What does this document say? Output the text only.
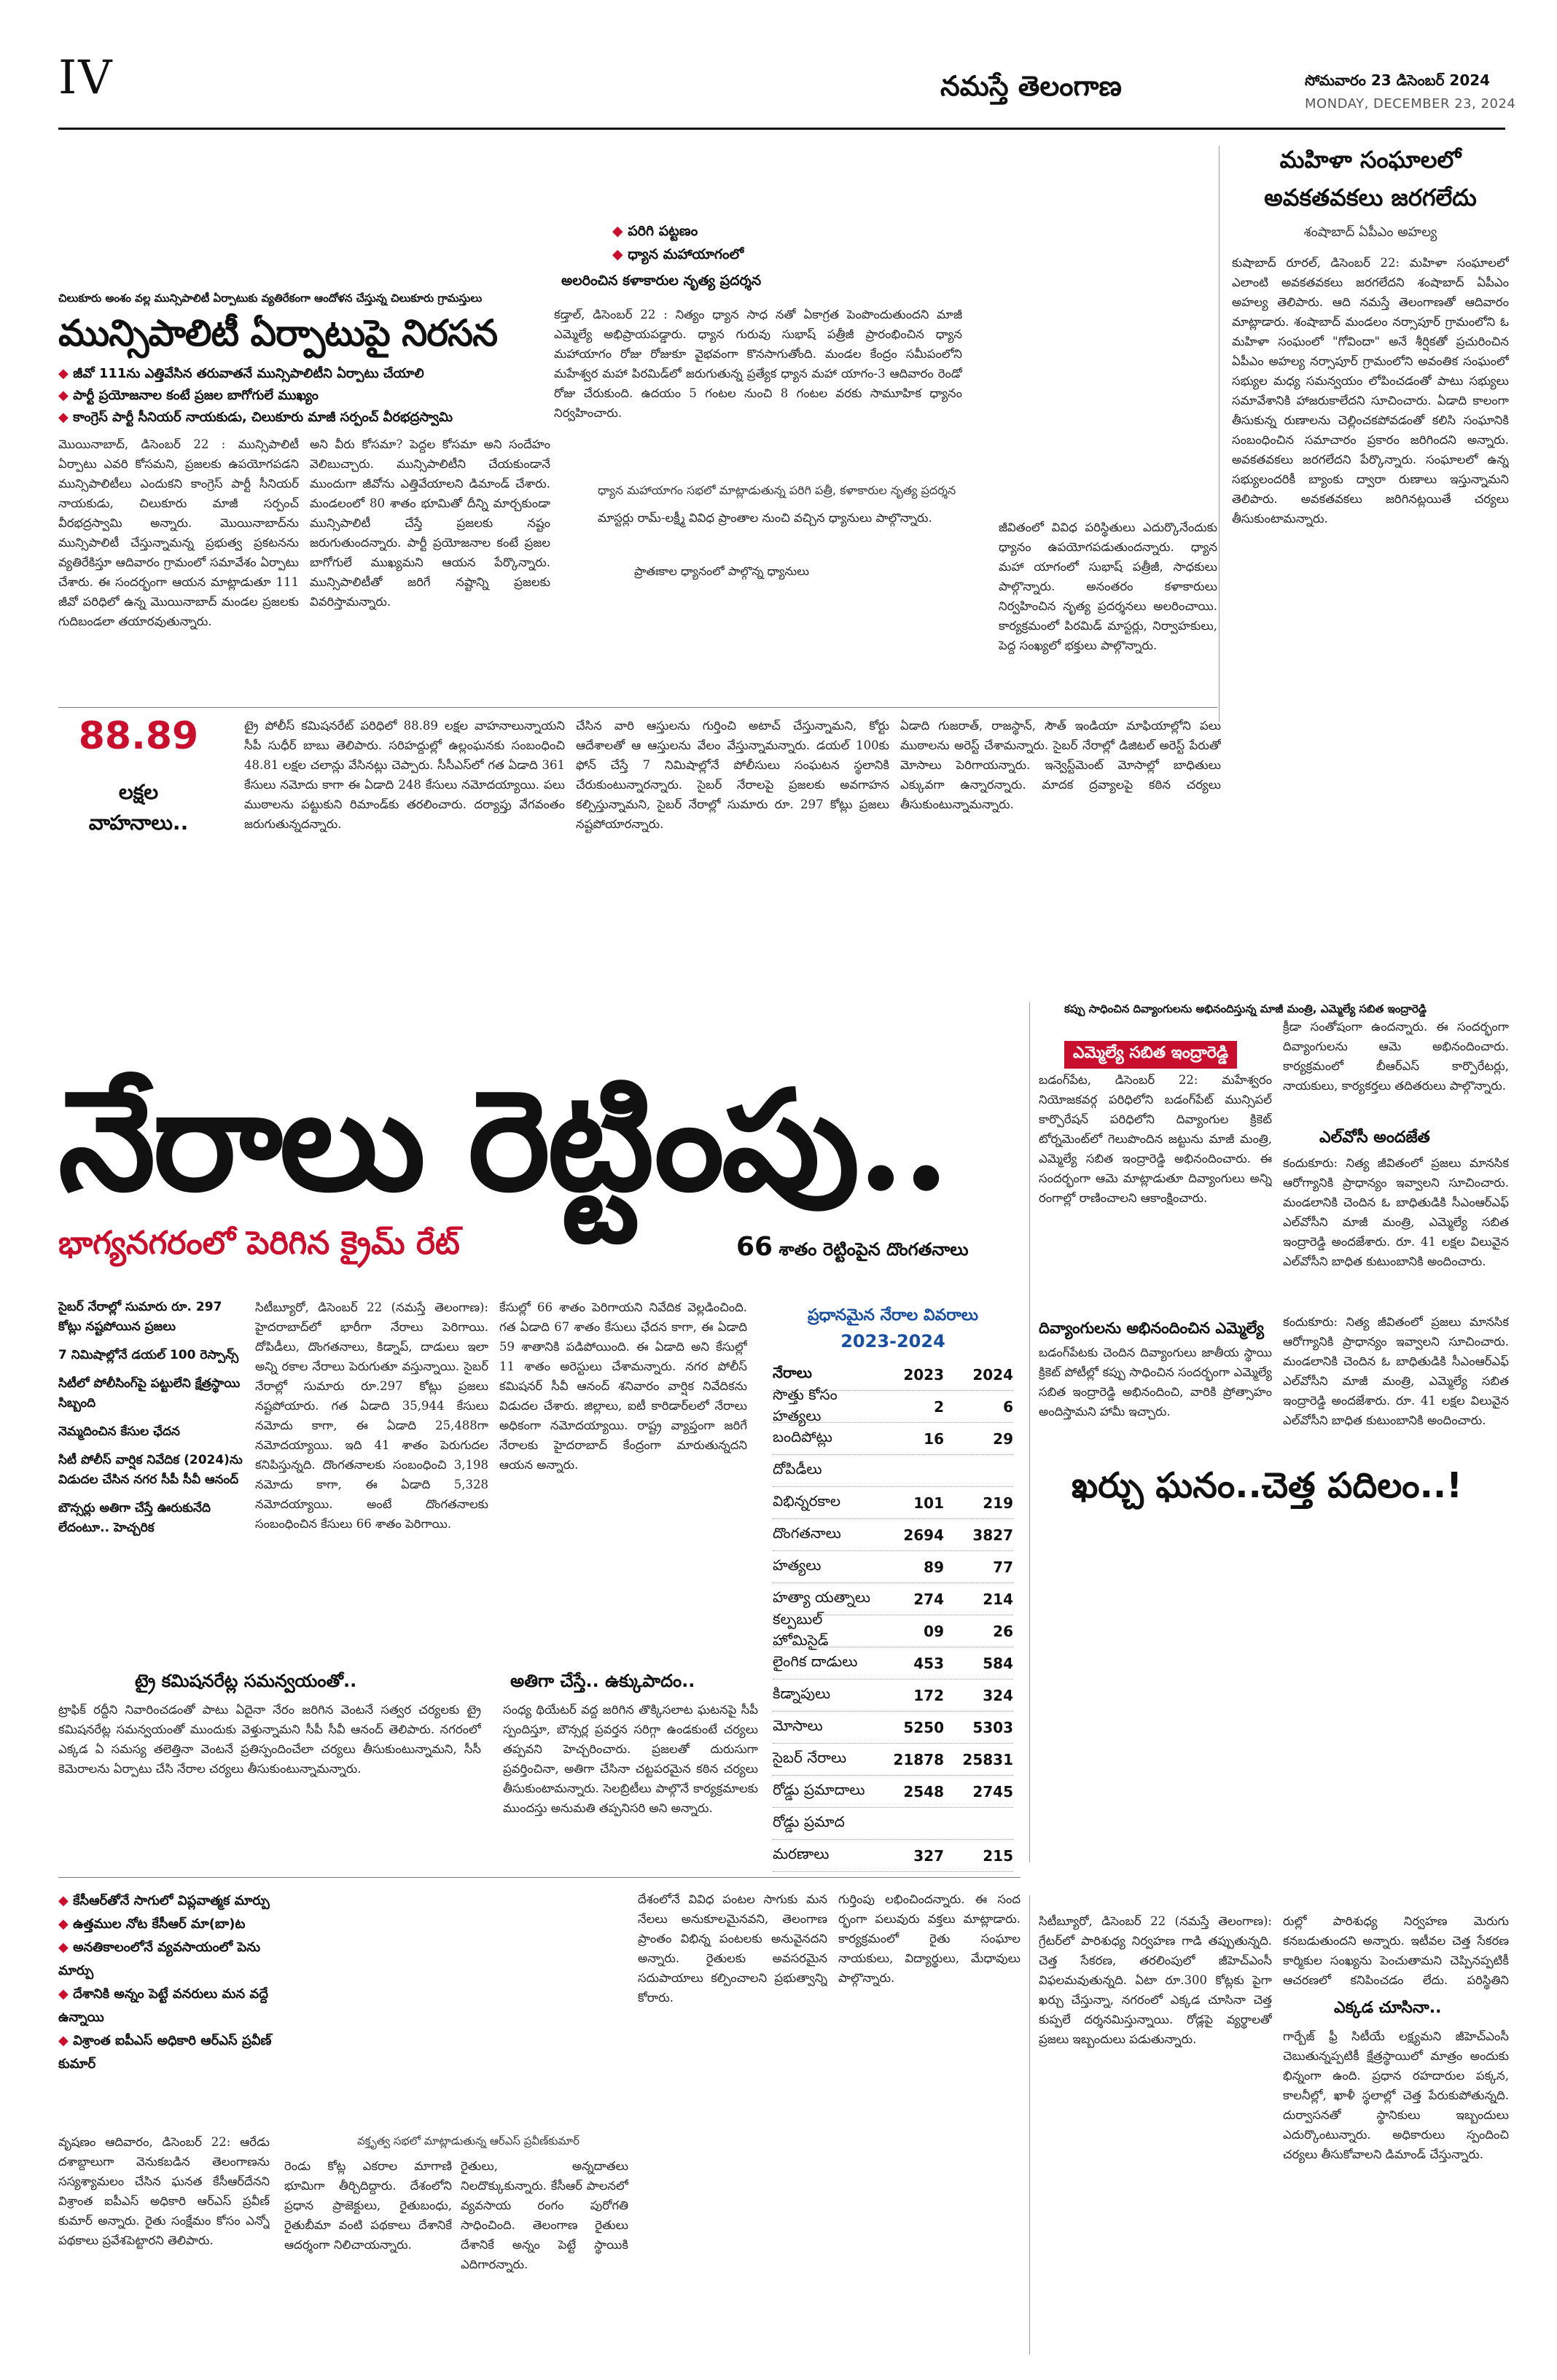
IV	నమస్తే తెలంగాణ	సోమవారం 23 డిసెంబర్ 2024
MONDAY, DECEMBER 23, 2024
మహిళా సంఘాలలో
అవకతవకలు జరగలేదు
శంషాబాద్ ఏపీఎం అహల్య
కుషాబాద్ రూరల్, డిసెంబర్ 22: మహిళా సంఘాలలో ఎలాంటి అవకతవకలు జరగలేదని శంషాబాద్ ఏపీఎం అహల్య తెలిపారు. ఆది నమస్తే తెలంగాణతో ఆదివారం మాట్లాడారు. శంషాబాద్ మండలం నర్సాపూర్ గ్రామంలోని ఓ మహిళా సంఘంలో "గోవిందా" అనే శీర్షికతో ప్రచురించిన ఏపీఎం అహల్య నర్సాపూర్ గ్రామంలోని అవంతిక సంఘంలో సభ్యుల మధ్య సమన్వయం లోపించడంతో పాటు సభ్యులు సమావేశానికి హాజరుకాలేదని సూచించారు. ఏడాది కాలంగా తీసుకున్న రుణాలను చెల్లించకపోవడంతో కలిసి సంఘానికి సంబంధించిన సమాచారం ప్రకారం జరిగిందని అన్నారు. అవకతవకలు జరగలేదని పేర్కొన్నారు. సంఘాలలో ఉన్న సభ్యులందరికీ బ్యాంకు ద్వారా రుణాలు ఇస్తున్నామని తెలిపారు. అవకతవకలు జరిగినట్లయితే చర్యలు తీసుకుంటామన్నారు.
◆ పరిగి పట్టణం
◆ ధ్యాన మహాయాగంలో
అలరించిన కళాకారుల నృత్య ప్రదర్శన
కడ్తాల్, డిసెంబర్ 22 : నిత్యం ధ్యాన సాధ నతో ఏకాగ్రత పెంపొందుతుందని మాజీ ఎమ్మెల్యే అభిప్రాయపడ్డారు. ధ్యాన గురువు సుభాష్ పత్రీజీ ప్రారంభించిన ధ్యాన మహాయాగం రోజు రోజుకూ వైభవంగా కొనసాగుతోంది. మండల కేంద్రం సమీపంలోని మహేశ్వర మహా పిరమిడ్‌లో జరుగుతున్న ప్రత్యేక ధ్యాన మహా యాగం-3 ఆదివారం రెండో రోజు చేరుకుంది. ఉదయం 5 గంటల నుంచి 8 గంటల వరకు సామూహిక ధ్యానం నిర్వహించారు.
ధ్యాన మహాయాగం సభలో మాట్లాడుతున్న పరిగి పత్రీ, కళాకారుల నృత్య ప్రదర్శన
మాస్టర్లు రామ్-లక్ష్మీ వివిధ ప్రాంతాల నుంచి వచ్చిన ధ్యానులు పాల్గొన్నారు.
ప్రాతఃకాల ధ్యానంలో పాల్గొన్న ధ్యానులు
జీవితంలో వివిధ పరిస్థితులు ఎదుర్కొనేందుకు ధ్యానం ఉపయోగపడుతుందన్నారు. ధ్యాన మహా యాగంలో సుభాష్ పత్రీజీ, సాధకులు పాల్గొన్నారు. అనంతరం కళాకారులు నిర్వహించిన నృత్య ప్రదర్శనలు అలరించాయి. కార్యక్రమంలో పిరమిడ్ మాస్టర్లు, నిర్వాహకులు, పెద్ద సంఖ్యలో భక్తులు పాల్గొన్నారు.
చిలుకూరు అంశం వల్ల మున్సిపాలిటీ ఏర్పాటుకు వ్యతిరేకంగా ఆందోళన చేస్తున్న చిలుకూరు గ్రామస్తులు
మున్సిపాలిటీ ఏర్పాటుపై నిరసన
◆ జీవో 111ను ఎత్తివేసిన తరువాతనే మున్సిపాలిటీని ఏర్పాటు చేయాలి
◆ పార్టీ ప్రయోజనాల కంటే ప్రజల బాగోగులే ముఖ్యం
◆ కాంగ్రెస్ పార్టీ సీనియర్ నాయకుడు, చిలుకూరు మాజీ సర్పంచ్ వీరభద్రస్వామి
మొయినాబాద్, డిసెంబర్ 22 : మున్సిపాలిటీ ఏర్పాటు ఎవరి కోసమని, ప్రజలకు ఉపయోగపడని మున్సిపాలిటీలు ఎందుకని కాంగ్రెస్ పార్టీ సీనియర్ నాయకుడు, చిలుకూరు మాజీ సర్పంచ్ వీరభద్రస్వామి అన్నారు. మొయినాబాద్‌ను మున్సిపాలిటీ చేస్తున్నామన్న ప్రభుత్వ ప్రకటనను వ్యతిరేకిస్తూ ఆదివారం గ్రామంలో సమావేశం ఏర్పాటు చేశారు. ఈ సందర్భంగా ఆయన మాట్లాడుతూ 111 జీవో పరిధిలో ఉన్న మొయినాబాద్ మండల ప్రజలకు గుదిబండలా తయారవుతున్నారు.
అని వీరు కోసమా? పెద్దల కోసమా అని సందేహం వెలిబుచ్చారు. మున్సిపాలిటీని చేయకుండానే ముందుగా జీవోను ఎత్తివేయాలని డిమాండ్ చేశారు. మండలంలో 80 శాతం భూమితో దీన్ని మార్చకుండా మున్సిపాలిటీ చేస్తే ప్రజలకు నష్టం జరుగుతుందన్నారు. పార్టీ ప్రయోజనాల కంటే ప్రజల బాగోగులే ముఖ్యమని ఆయన పేర్కొన్నారు. మున్సిపాలిటీతో జరిగే నష్టాన్ని ప్రజలకు వివరిస్తామన్నారు.
88.89
లక్షల
వాహనాలు..
ట్రై పోలీస్ కమిషనరేట్ పరిధిలో 88.89 లక్షల వాహనాలున్నాయని సీపీ సుధీర్ బాబు తెలిపారు. సరిహద్దుల్లో ఉల్లంఘనకు సంబంధించి 48.81 లక్షల చలాన్లు వేసినట్లు చెప్పారు. సీసీఎస్‌లో గత ఏడాది 361 కేసులు నమోదు కాగా ఈ ఏడాది 248 కేసులు నమోదయ్యాయి. పలు ముఠాలను పట్టుకుని రిమాండ్‌కు తరలించారు. దర్యాప్తు వేగవంతం జరుగుతున్నదన్నారు.
చేసిన వారి ఆస్తులను గుర్తించి అటాచ్ చేస్తున్నామని, కోర్టు ఆదేశాలతో ఆ ఆస్తులను వేలం వేస్తున్నామన్నారు. డయల్ 100కు ఫోన్ చేస్తే 7 నిమిషాల్లోనే పోలీసులు సంఘటన స్థలానికి చేరుకుంటున్నారన్నారు. సైబర్ నేరాలపై ప్రజలకు అవగాహన కల్పిస్తున్నామని, సైబర్ నేరాల్లో సుమారు రూ. 297 కోట్లు ప్రజలు నష్టపోయారన్నారు.
ఏడాది గుజరాత్, రాజస్థాన్, సౌత్ ఇండియా మాఫియాల్లోని పలు ముఠాలను అరెస్ట్ చేశామన్నారు. సైబర్ నేరాల్లో డిజిటల్ అరెస్ట్ పేరుతో మోసాలు పెరిగాయన్నారు. ఇన్వెస్ట్‌మెంట్ మోసాల్లో బాధితులు ఎక్కువగా ఉన్నారన్నారు. మాదక ద్రవ్యాలపై కఠిన చర్యలు తీసుకుంటున్నామన్నారు.
నేరాలు రెట్టింపు..
భాగ్యనగరంలో పెరిగిన క్రైమ్ రేట్	66 శాతం రెట్టింపైన దొంగతనాలు
సైబర్ నేరాల్లో సుమారు రూ. 297 కోట్లు నష్టపోయిన ప్రజలు
7 నిమిషాల్లోనే డయల్ 100 రెస్పాన్స్
సిటీలో పోలీసింగ్‌పై పట్టులేని క్షేత్రస్థాయి సిబ్బంది
నెమ్మదించిన కేసుల ఛేదన
సిటీ పోలీస్ వార్షిక నివేదిక (2024)ను విడుదల చేసిన నగర సీపీ సీవీ ఆనంద్
బౌన్సర్లు అతిగా చేస్తే ఊరుకునేది లేదంటూ.. హెచ్చరిక
సిటీబ్యూరో, డిసెంబర్ 22 (నమస్తే తెలంగాణ): హైదరాబాద్‌లో భారీగా నేరాలు పెరిగాయి. దోపిడీలు, దొంగతనాలు, కిడ్నాప్, దాడులు ఇలా అన్ని రకాల నేరాలు పెరుగుతూ వస్తున్నాయి. సైబర్ నేరాల్లో సుమారు రూ.297 కోట్లు ప్రజలు నష్టపోయారు. గత ఏడాది 35,944 కేసులు నమోదు కాగా, ఈ ఏడాది 25,488గా నమోదయ్యాయి. ఇది 41 శాతం పెరుగుదల కనిపిస్తున్నది. దొంగతనాలకు సంబంధించి 3,198 నమోదు కాగా, ఈ ఏడాది 5,328 నమోదయ్యాయి. అంటే దొంగతనాలకు సంబంధించిన కేసులు 66 శాతం పెరిగాయి.
కేసుల్లో 66 శాతం పెరిగాయని నివేదిక వెల్లడించింది. గత ఏడాది 67 శాతం కేసులు ఛేదన కాగా, ఈ ఏడాది 59 శాతానికి పడిపోయింది. ఈ ఏడాది అని కేసుల్లో 11 శాతం అరెస్టులు చేశామన్నారు. నగర పోలీస్ కమిషనర్ సీవీ ఆనంద్ శనివారం వార్షిక నివేదికను విడుదల చేశారు. జిల్లాలు, ఐటీ కారిడార్‌లలో నేరాలు అధికంగా నమోదయ్యాయి. రాష్ట్ర వ్యాప్తంగా జరిగే నేరాలకు హైదరాబాద్ కేంద్రంగా మారుతున్నదని ఆయన అన్నారు.
ప్రధానమైన నేరాల వివరాలు
2023-2024
నేరాలు	2023	2024
సొత్తు కోసం హత్యలు	2	6
బందిపోట్లు	16	29
దోపిడీలు
విభిన్నరకాల	101	219
దొంగతనాలు	2694	3827
హత్యలు	89	77
హత్యా యత్నాలు	274	214
కల్పబుల్ హోమిసైడ్	09	26
లైంగిక దాడులు	453	584
కిడ్నాపులు	172	324
మోసాలు	5250	5303
సైబర్ నేరాలు	21878	25831
రోడ్డు ప్రమాదాలు	2548	2745
రోడ్డు ప్రమాద
మరణాలు	327	215
ట్రై కమిషనరేట్ల సమన్వయంతో..
ట్రాఫిక్ రద్దీని నివారించడంతో పాటు ఏదైనా నేరం జరిగిన వెంటనే సత్వర చర్యలకు ట్రై కమిషనరేట్ల సమన్వయంతో ముందుకు వెళ్తున్నామని సీపీ సీవీ ఆనంద్ తెలిపారు. నగరంలో ఎక్కడ ఏ సమస్య తలెత్తినా వెంటనే ప్రతిస్పందించేలా చర్యలు తీసుకుంటున్నామని, సీసీ కెమెరాలను ఏర్పాటు చేసి నేరాల చర్యలు తీసుకుంటున్నామన్నారు.
అతిగా చేస్తే.. ఉక్కుపాదం..
సంధ్య థియేటర్ వద్ద జరిగిన తొక్కిసలాట ఘటనపై సీపీ స్పందిస్తూ, బౌన్సర్ల ప్రవర్తన సరిగ్గా ఉండకుంటే చర్యలు తప్పవని హెచ్చరించారు. ప్రజలతో దురుసుగా ప్రవర్తించినా, అతిగా చేసినా చట్టపరమైన కఠిన చర్యలు తీసుకుంటామన్నారు. సెలబ్రిటీలు పాల్గొనే కార్యక్రమాలకు ముందస్తు అనుమతి తప్పనిసరి అని అన్నారు.
కప్పు సాధించిన దివ్యాంగులను అభినందిస్తున్న మాజీ మంత్రి, ఎమ్మెల్యే సబిత ఇంద్రారెడ్డి
ఎమ్మెల్యే సబిత ఇంద్రారెడ్డి
బడంగ్‌పేట, డిసెంబర్ 22: మహేశ్వరం నియోజకవర్గ పరిధిలోని బడంగ్‌పేట్ మున్సిపల్ కార్పొరేషన్ పరిధిలోని దివ్యాంగుల క్రికెట్ టోర్నమెంట్‌లో గెలుపొందిన జట్టును మాజీ మంత్రి, ఎమ్మెల్యే సబిత ఇంద్రారెడ్డి అభినందించారు. ఈ సందర్భంగా ఆమె మాట్లాడుతూ దివ్యాంగులు అన్ని రంగాల్లో రాణించాలని ఆకాంక్షించారు.
క్రీడా సంతోషంగా ఉందన్నారు. ఈ సందర్భంగా దివ్యాంగులను ఆమె అభినందించారు. కార్యక్రమంలో బీఆర్ఎస్ కార్పొరేటర్లు, నాయకులు, కార్యకర్తలు తదితరులు పాల్గొన్నారు.
ఎల్‌వోసీ అందజేత
కందుకూరు: నిత్య జీవితంలో ప్రజలు మానసిక ఆరోగ్యానికి ప్రాధాన్యం ఇవ్వాలని సూచించారు. మండలానికి చెందిన ఓ బాధితుడికి సీఎంఆర్ఎఫ్ ఎల్‌వోసీని మాజీ మంత్రి, ఎమ్మెల్యే సబిత ఇంద్రారెడ్డి అందజేశారు. రూ. 41 లక్షల విలువైన ఎల్‌వోసీని బాధిత కుటుంబానికి అందించారు.
దివ్యాంగులను అభినందించిన ఎమ్మెల్యే
బడంగ్‌పేటకు చెందిన దివ్యాంగులు జాతీయ స్థాయి క్రికెట్ పోటీల్లో కప్పు సాధించిన సందర్భంగా ఎమ్మెల్యే సబిత ఇంద్రారెడ్డి అభినందించి, వారికి ప్రోత్సాహం అందిస్తామని హామీ ఇచ్చారు.
కందుకూరు: నిత్య జీవితంలో ప్రజలు మానసిక ఆరోగ్యానికి ప్రాధాన్యం ఇవ్వాలని సూచించారు. మండలానికి చెందిన ఓ బాధితుడికి సీఎంఆర్ఎఫ్ ఎల్‌వోసీని మాజీ మంత్రి, ఎమ్మెల్యే సబిత ఇంద్రారెడ్డి అందజేశారు. రూ. 41 లక్షల విలువైన ఎల్‌వోసీని బాధిత కుటుంబానికి అందించారు.
ఖర్చు ఘనం..చెత్త పదిలం..!
సిటీబ్యూరో, డిసెంబర్ 22 (నమస్తే తెలంగాణ): గ్రేటర్‌లో పారిశుధ్య నిర్వహణ గాడి తప్పుతున్నది. చెత్త సేకరణ, తరలింపులో జీహెచ్ఎంసీ విఫలమవుతున్నది. ఏటా రూ.300 కోట్లకు పైగా ఖర్చు చేస్తున్నా, నగరంలో ఎక్కడ చూసినా చెత్త కుప్పలే దర్శనమిస్తున్నాయి. రోడ్లపై వ్యర్థాలతో ప్రజలు ఇబ్బందులు పడుతున్నారు.
రుల్లో పారిశుధ్య నిర్వహణ మెరుగు కనబడుతుందని అన్నారు. ఇటీవల చెత్త సేకరణ కార్మికుల సంఖ్యను పెంచుతామని చెప్పినప్పటికీ ఆచరణలో కనిపించడం లేదు. పరిస్థితిని
ఎక్కడ చూసినా..
గార్బేజ్ ఫ్రీ సిటీయే లక్ష్యమని జీహెచ్ఎంసీ చెబుతున్నప్పటికీ క్షేత్రస్థాయిలో మాత్రం అందుకు భిన్నంగా ఉంది. ప్రధాన రహదారుల పక్కన, కాలనీల్లో, ఖాళీ స్థలాల్లో చెత్త పేరుకుపోతున్నది. దుర్వాసనతో స్థానికులు ఇబ్బందులు ఎదుర్కొంటున్నారు. అధికారులు స్పందించి చర్యలు తీసుకోవాలని డిమాండ్ చేస్తున్నారు.
◆ కేసీఆర్‌తోనే సాగులో విప్లవాత్మక మార్పు
◆ ఉత్తముల నోట కేసీఆర్ మా(బా)ట
◆ అనతికాలంలోనే వ్యవసాయంలో పెను మార్పు
◆ దేశానికి అన్నం పెట్టే వనరులు మన వద్దే ఉన్నాయి
◆ విశ్రాంత ఐపీఎస్ అధికారి ఆర్ఎస్ ప్రవీణ్ కుమార్
వృషణం ఆదివారం, డిసెంబర్ 22: ఆరేడు దశాబ్దాలుగా వెనుకబడిన తెలంగాణను సస్యశ్యామలం చేసిన ఘనత కేసీఆర్‌దేనని విశ్రాంత ఐపీఎస్ అధికారి ఆర్ఎస్ ప్రవీణ్ కుమార్ అన్నారు. రైతు సంక్షేమం కోసం ఎన్నో పథకాలు ప్రవేశపెట్టారని తెలిపారు.
వక్తృత్వ సభలో మాట్లాడుతున్న ఆర్ఎస్ ప్రవీణ్‌కుమార్
రెండు కోట్ల ఎకరాల మాగాణి భూమిగా తీర్చిదిద్దారు. దేశంలోని ప్రధాన ప్రాజెక్టులు, రైతుబంధు, రైతుబీమా వంటి పథకాలు దేశానికే ఆదర్శంగా నిలిచాయన్నారు.
రైతులు, అన్నదాతలు నిలదొక్కుకున్నారు. కేసీఆర్ పాలనలో వ్యవసాయ రంగం పురోగతి సాధించింది. తెలంగాణ రైతులు దేశానికే అన్నం పెట్టే స్థాయికి ఎదిగారన్నారు.
దేశంలోనే వివిధ పంటల సాగుకు మన నేలలు అనుకూలమైనవని, తెలంగాణ ప్రాంతం విభిన్న పంటలకు అనువైనదని అన్నారు. రైతులకు అవసరమైన సదుపాయాలు కల్పించాలని ప్రభుత్వాన్ని కోరారు.
గుర్తింపు లభించిందన్నారు. ఈ సంద ర్భంగా పలువురు వక్తలు మాట్లాడారు. కార్యక్రమంలో రైతు సంఘాల నాయకులు, విద్యార్థులు, మేధావులు పాల్గొన్నారు.
